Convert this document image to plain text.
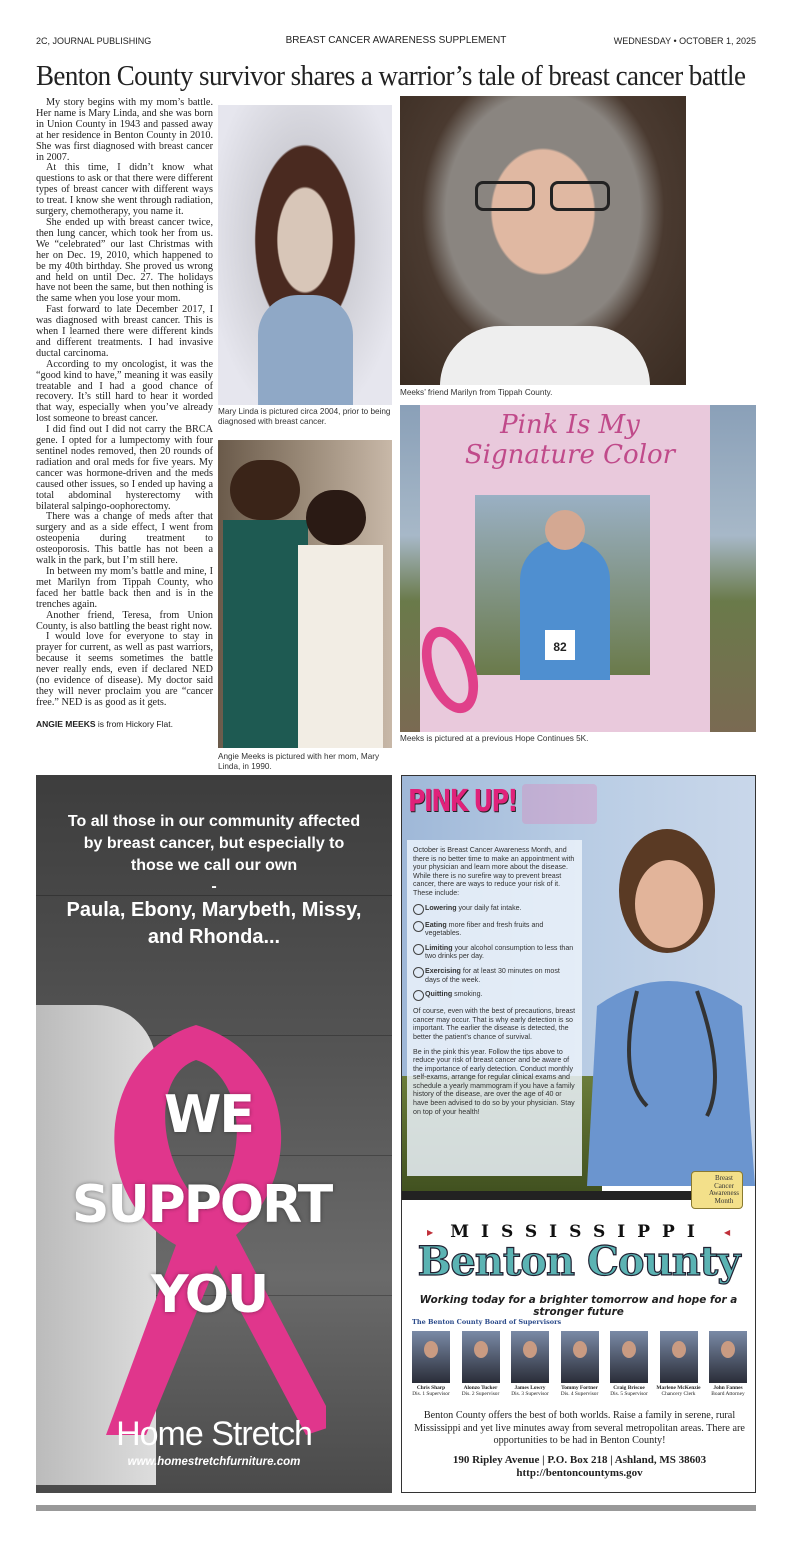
2C, JOURNAL PUBLISHING	BREAST CANCER AWARENESS SUPPLEMENT	WEDNESDAY • OCTOBER 1, 2025
Benton County survivor shares a warrior’s tale of breast cancer battle

My story begins with my mom’s battle. Her name is Mary Linda, and she was born in Union County in 1943 and passed away at her residence in Benton County in 2010. She was first diagnosed with breast cancer in 2007.

At this time, I didn’t know what questions to ask or that there were different types of breast cancer with different ways to treat. I know she went through radiation, surgery, chemotherapy, you name it.

She ended up with breast cancer twice, then lung cancer, which took her from us. We “celebrated” our last Christmas with her on Dec. 19, 2010, which happened to be my 40th birthday. She proved us wrong and held on until Dec. 27. The holidays have not been the same, but then nothing is the same when you lose your mom.

Fast forward to late December 2017, I was diagnosed with breast cancer. This is when I learned there were different kinds and different treatments. I had invasive ductal carcinoma.

According to my oncologist, it was the “good kind to have,” meaning it was easily treatable and I had a good chance of recovery. It’s still hard to hear it worded that way, especially when you’ve already lost someone to breast cancer.

I did find out I did not carry the BRCA gene. I opted for a lumpectomy with four sentinel nodes removed, then 20 rounds of radiation and oral meds for five years. My cancer was hormone-driven and the meds caused other issues, so I ended up having a total abdominal hysterectomy with bilateral salpingo-oophorectomy.

There was a change of meds after that surgery and as a side effect, I went from osteopenia during treatment to osteoporosis. This battle has not been a walk in the park, but I’m still here.

In between my mom’s battle and mine, I met Marilyn from Tippah County, who faced her battle back then and is in the trenches again.

Another friend, Teresa, from Union County, is also battling the beast right now.

I would love for everyone to stay in prayer for current, as well as past warriors, because it seems sometimes the battle never really ends, even if declared NED (no evidence of disease). My doctor said they will never proclaim you are “cancer free.” NED is as good as it gets.

ANGIE MEEKS is from Hickory Flat.

Mary Linda is pictured circa 2004, prior to being diagnosed with breast cancer.
Meeks’ friend Marilyn from Tippah County.
Angie Meeks is pictured with her mom, Mary Linda, in 1990.
Pink Is My
Signature Color
82
Meeks is pictured at a previous Hope Continues 5K.
To all those in our community affected by breast cancer, but especially to those we call our own
-
Paula, Ebony, Marybeth, Missy, and Rhonda...
WE
SUPPORT
YOU
Home Stretch
www.homestretchfurniture.com
PINK UP!
October is Breast Cancer Awareness Month, and there is no better time to make an appointment with your physician and learn more about the disease. While there is no surefire way to prevent breast cancer, there are ways to reduce your risk of it. These include:
Lowering your daily fat intake.
Eating more fiber and fresh fruits and vegetables.
Limiting your alcohol consumption to less than two drinks per day.
Exercising for at least 30 minutes on most days of the week.
Quitting smoking.

Of course, even with the best of precautions, breast cancer may occur. That is why early detection is so important. The earlier the disease is detected, the better the patient’s chance of survival.

Be in the pink this year. Follow the tips above to reduce your risk of breast cancer and be aware of the importance of early detection. Conduct monthly self-exams, arrange for regular clinical exams and schedule a yearly mammogram if you have a family history of the disease, are over the age of 40 or have been advised to do so by your physician. Stay on top of your health!

Breast Cancer Awareness Month
▶	◀
MISSISSIPPI
Benton County
Working today for a brighter tomorrow and hope for a stronger future
The Benton County Board of Supervisors
Chris Sharp
Dis. 1 Supervisor
Alonzo Tucker
Dis. 2 Supervisor
James Lowry
Dis. 3 Supervisor
Tommy Fortner
Dis. 4 Supervisor
Craig Briscoe
Dis. 5 Supervisor
Marlene McKenzie
Chancery Clerk
John Fannes
Board Attorney
Benton County offers the best of both worlds. Raise a family in serene, rural Mississippi and yet live minutes away from several metropolitan areas. There are opportunities to be had in Benton County!
190 Ripley Avenue | P.O. Box 218 | Ashland, MS 38603
http://bentoncountyms.gov
